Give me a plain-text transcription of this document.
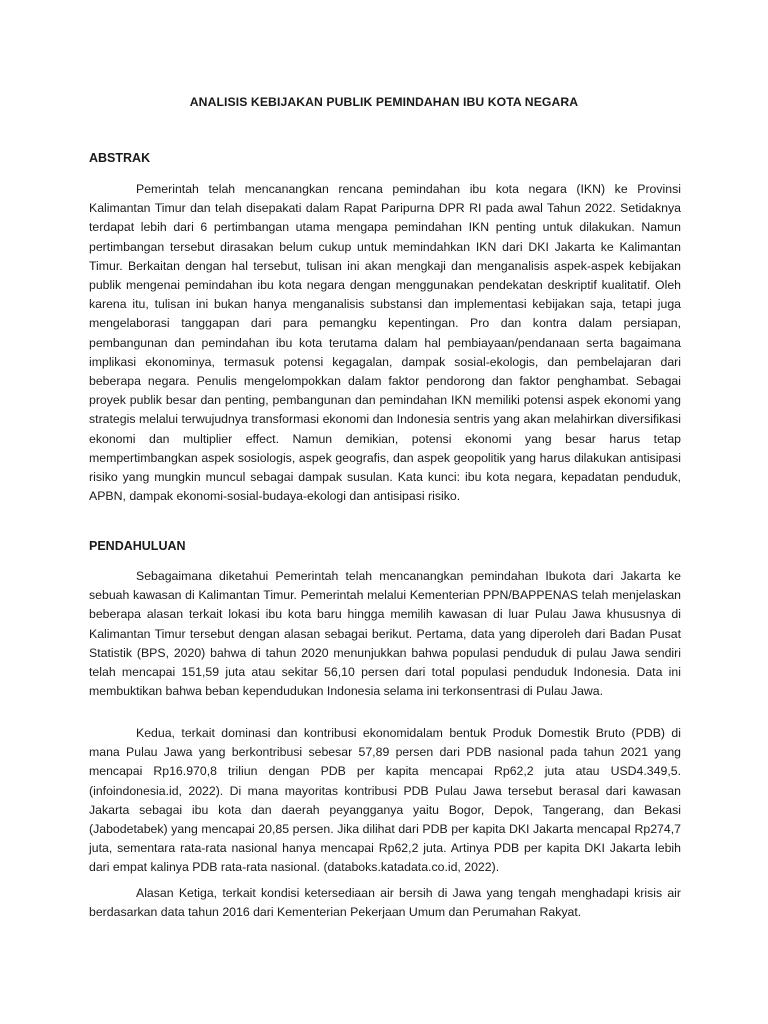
ANALISIS KEBIJAKAN PUBLIK PEMINDAHAN IBU KOTA NEGARA
ABSTRAK

Pemerintah telah mencanangkan rencana pemindahan ibu kota negara (IKN) ke Provinsi Kalimantan Timur dan telah disepakati dalam Rapat Paripurna DPR RI pada awal Tahun 2022. Setidaknya terdapat lebih dari 6 pertimbangan utama mengapa pemindahan IKN penting untuk dilakukan. Namun pertimbangan tersebut dirasakan belum cukup untuk memindahkan IKN dari DKI Jakarta ke Kalimantan Timur. Berkaitan dengan hal tersebut, tulisan ini akan mengkaji dan menganalisis aspek-aspek kebijakan publik mengenai pemindahan ibu kota negara dengan menggunakan pendekatan deskriptif kualitatif. Oleh karena itu, tulisan ini bukan hanya menganalisis substansi dan implementasi kebijakan saja, tetapi juga mengelaborasi tanggapan dari para pemangku kepentingan. Pro dan kontra dalam persiapan, pembangunan dan pemindahan ibu kota terutama dalam hal pembiayaan/pendanaan serta bagaimana implikasi ekonominya, termasuk potensi kegagalan, dampak sosial-ekologis, dan pembelajaran dari beberapa negara. Penulis mengelompokkan dalam faktor pendorong dan faktor penghambat. Sebagai proyek publik besar dan penting, pembangunan dan pemindahan IKN memiliki potensi aspek ekonomi yang strategis melalui terwujudnya transformasi ekonomi dan Indonesia sentris yang akan melahirkan diversifikasi ekonomi dan multiplier effect. Namun demikian, potensi ekonomi yang besar harus tetap mempertimbangkan aspek sosiologis, aspek geografis, dan aspek geopolitik yang harus dilakukan antisipasi risiko yang mungkin muncul sebagai dampak susulan. Kata kunci: ibu kota negara, kepadatan penduduk, APBN, dampak ekonomi-sosial-budaya-ekologi dan antisipasi risiko.

PENDAHULUAN

Sebagaimana diketahui Pemerintah telah mencanangkan pemindahan Ibukota dari Jakarta ke sebuah kawasan di Kalimantan Timur. Pemerintah melalui Kementerian PPN/BAPPENAS telah menjelaskan beberapa alasan terkait lokasi ibu kota baru hingga memilih kawasan di luar Pulau Jawa khususnya di Kalimantan Timur tersebut dengan alasan sebagai berikut. Pertama, data yang diperoleh dari Badan Pusat Statistik (BPS, 2020) bahwa di tahun 2020 menunjukkan bahwa populasi penduduk di pulau Jawa sendiri telah mencapai 151,59 juta atau sekitar 56,10 persen dari total populasi penduduk Indonesia. Data ini membuktikan bahwa beban kependudukan Indonesia selama ini terkonsentrasi di Pulau Jawa.

Kedua, terkait dominasi dan kontribusi ekonomidalam bentuk Produk Domestik Bruto (PDB) di mana Pulau Jawa yang berkontribusi sebesar 57,89 persen dari PDB nasional pada tahun 2021 yang mencapai Rp16.970,8 triliun dengan PDB per kapita mencapai Rp62,2 juta atau USD4.349,5. (infoindonesia.id, 2022). Di mana mayoritas kontribusi PDB Pulau Jawa tersebut berasal dari kawasan Jakarta sebagai ibu kota dan daerah peyangganya yaitu Bogor, Depok, Tangerang, dan Bekasi (Jabodetabek) yang mencapai 20,85 persen. Jika dilihat dari PDB per kapita DKI Jakarta mencapaI Rp274,7 juta, sementara rata-rata nasional hanya mencapai Rp62,2 juta. Artinya PDB per kapita DKI Jakarta lebih dari empat kalinya PDB rata-rata nasional. (databoks.katadata.co.id, 2022).

Alasan Ketiga, terkait kondisi ketersediaan air bersih di Jawa yang tengah menghadapi krisis air berdasarkan data tahun 2016 dari Kementerian Pekerjaan Umum dan Perumahan Rakyat.
